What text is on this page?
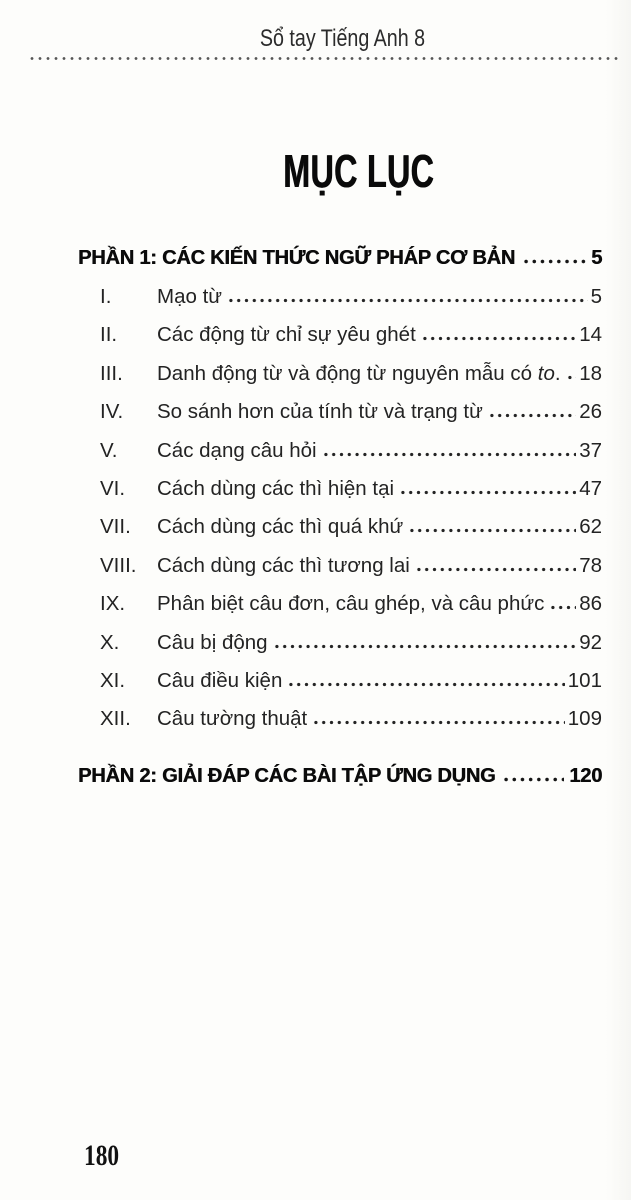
Sổ tay Tiếng Anh 8
MỤC LỤC
PHẦN 1: CÁC KIẾN THỨC NGỮ PHÁP CƠ BẢN	5
I.	Mạo từ	5
II.	Các động từ chỉ sự yêu ghét	14
III.	Danh động từ và động từ nguyên mẫu có to. 18
IV.	So sánh hơn của tính từ và trạng từ	26
V.	Các dạng câu hỏi	37
VI.	Cách dùng các thì hiện tại	47
VII.	Cách dùng các thì quá khứ	62
VIII.	Cách dùng các thì tương lai	78
IX.	Phân biệt câu đơn, câu ghép, và câu phức 86
X.	Câu bị động	92
XI.	Câu điều kiện	101
XII.	Câu tường thuật	109
PHẦN 2: GIẢI ĐÁP CÁC BÀI TẬP ỨNG DỤNG	120
180
